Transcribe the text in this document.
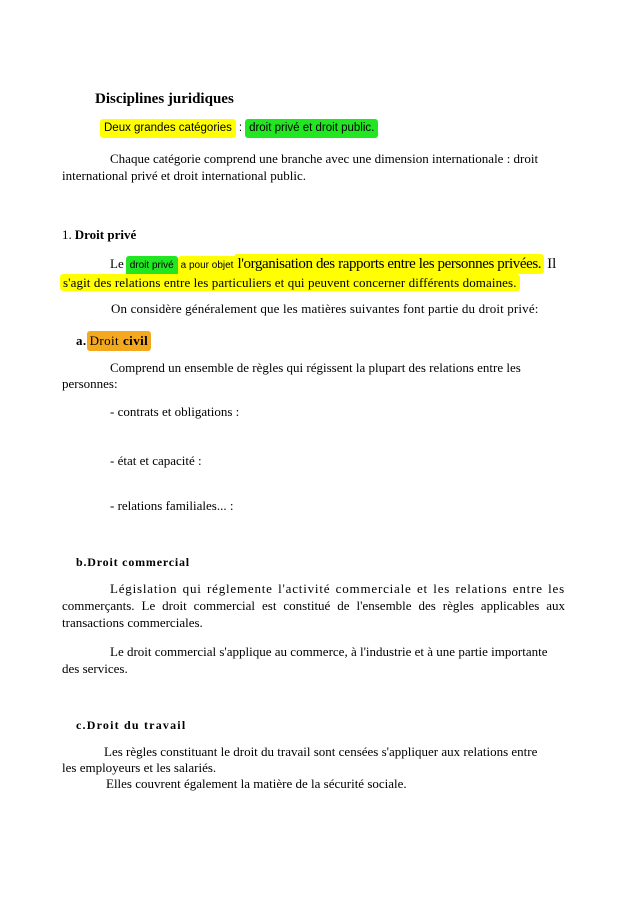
Disciplines juridiques
Deux grandes catégories : droit privé et droit public.
Chaque catégorie comprend une branche avec une dimension internationale : droit
international privé et droit international public.
1. Droit privé
Le droit privé a pour objet l'organisation des rapports entre les personnes privées. Il
s'agit des relations entre les particuliers et qui peuvent concerner différents domaines.
On considère généralement que les matières suivantes font partie du droit privé:
a. Droit civil
Comprend un ensemble de règles qui régissent la plupart des relations entre les
personnes:
- contrats et obligations :
- état et capacité :
- relations familiales... :
b.Droit commercial
Législation qui réglemente l'activité commerciale et les relations entre les
commerçants. Le droit commercial est constitué de l'ensemble des règles applicables aux
transactions commerciales.
Le droit commercial s'applique au commerce, à l'industrie et à une partie importante
des services.
c.Droit du travail
Les règles constituant le droit du travail sont censées s'appliquer aux relations entre
les employeurs et les salariés.
Elles couvrent également la matière de la sécurité sociale.
